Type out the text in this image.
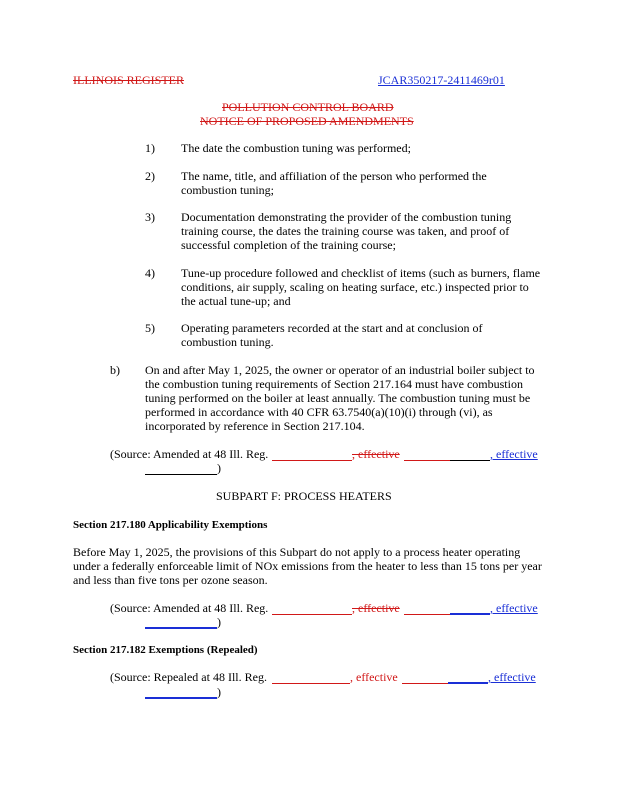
ILLINOIS REGISTER	JCAR350217-2411469r01
POLLUTION CONTROL BOARD
NOTICE OF PROPOSED AMENDMENTS
1) The date the combustion tuning was performed;
2) The name, title, and affiliation of the person who performed the
combustion tuning;
3) Documentation demonstrating the provider of the combustion tuning
training course, the dates the training course was taken, and proof of
successful completion of the training course;
4) Tune-up procedure followed and checklist of items (such as burners, flame
conditions, air supply, scaling on heating surface, etc.) inspected prior to
the actual tune-up; and
5) Operating parameters recorded at the start and at conclusion of
combustion tuning.
b) On and after May 1, 2025, the owner or operator of an industrial boiler subject to
the combustion tuning requirements of Section 217.164 must have combustion
tuning performed on the boiler at least annually. The combustion tuning must be
performed in accordance with 40 CFR 63.7540(a)(10)(i) through (vi), as
incorporated by reference in Section 217.104.
(Source: Amended at 48 Ill. Reg.	, effective	, effective
)
SUBPART F: PROCESS HEATERS
Section 217.180 Applicability Exemptions
Before May 1, 2025, the provisions of this Subpart do not apply to a process heater operating
under a federally enforceable limit of NOx emissions from the heater to less than 15 tons per year
and less than five tons per ozone season.
(Source: Amended at 48 Ill. Reg.	, effective	, effective
)
Section 217.182 Exemptions (Repealed)
(Source: Repealed at 48 Ill. Reg.	, effective	, effective
)
